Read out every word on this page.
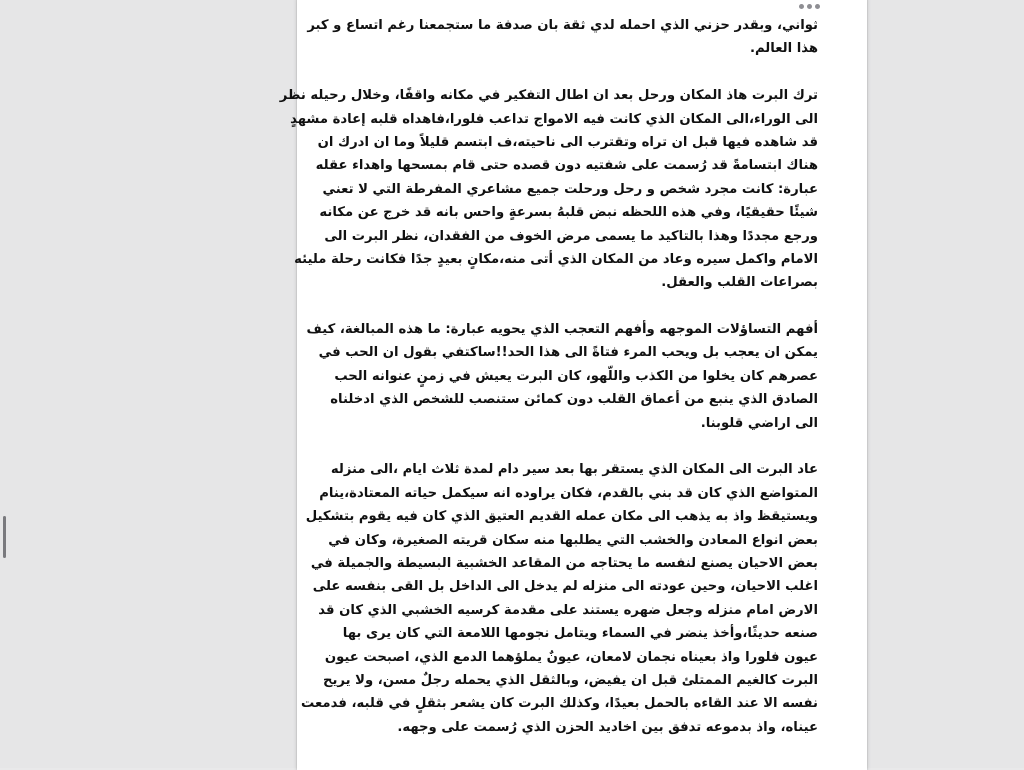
ثواني، وبقدر حزني الذي احمله لدي ثقة بان صدفة ما ستجمعنا رغم اتساع و كبر
هذا العالم.
ترك البرت هاذ المكان ورحل بعد ان اطال التفكير في مكانه واقفًا، وخلال رحيله نظر
الى الوراء،الى المكان الذي كانت فيه الامواج تداعب فلورا،فاهداه قلبه إعادة مشهدٍ
قد شاهده فيها قبل ان تراه وتقترب الى ناحيته،ف ابتسم قليلاً وما ان ادرك ان
هناك ابتسامةً قد رُسمت على شفتيه دون قصده حتى قام بمسحها واهداء عقله
عبارة: كانت مجرد شخص و رحل ورحلت جميع مشاعري المفرطة التي لا تعني
شيئًا حقيقيًا، وفي هذه اللحظه نبض قلبهُ بسرعةٍ واحس بانه قد خرج عن مكانه
ورجع مجددًا وهذا بالتاكيد ما يسمى مرض الخوف من الفقدان، نظر البرت الى
الامام واكمل سيره وعاد من المكان الذي أتى منه،مكانٍ بعيدٍ جدًا فكانت رحلة مليئه
بصراعات القلب والعقل.
أفهم التساؤلات الموجهه وأفهم التعجب الذي يحويه عبارة: ما هذه المبالغة، كيف
يمكن ان يعجب بل ويحب المرء فتاةً الى هذا الحد!!ساكتفي بقول ان الحب في
عصرهم كان يخلوا من الكذب واللّهو، كان البرت يعيش في زمنٍ عنوانه الحب
الصادق الذي ينبع من أعماق القلب دون كمائن ستنصب للشخص الذي ادخلناه
الى اراضي قلوبنا.
عاد البرت الى المكان الذي يستقر بها بعد سير دام لمدة ثلاث ايام ،الى منزله
المتواضع الذي كان قد بني بالقدم، فكان يراوده انه سيكمل حياته المعتادة،ينام
ويستيقظ واذ به يذهب الى مكان عمله القديم العتيق الذي كان فيه يقوم بتشكيل
بعض انواع المعادن والخشب التي يطلبها منه سكان قريته الصغيرة، وكان في
بعض الاحيان يصنع لنفسه ما يحتاجه من المقاعد الخشبية البسيطة والجميلة في
اغلب الاحيان، وحين عودته الى منزله لم يدخل الى الداخل بل القى بنفسه على
الارض امام منزله وجعل ضهره يستند على مقدمة كرسيه الخشبي الذي كان قد
صنعه حديثًا،وأخذ ينضر في السماء ويتامل نجومها اللامعة التي كان يرى بها
عيون فلورا واذ بعيناه نجمان لامعان، عيونٌ يملؤهما الدمع الذي، اصبحت عيون
البرت كالغيم الممتلئ قبل ان يفيض، وبالثقل الذي يحمله رجلٌ مسن، ولا يريح
نفسه الا عند القاءه بالحمل بعيدًا، وكذلك البرت كان يشعر بثقلٍ في قلبه، فدمعت
عيناه، واذ بدموعه تدفق بين اخاديد الحزن الذي رُسمت على وجهه.
